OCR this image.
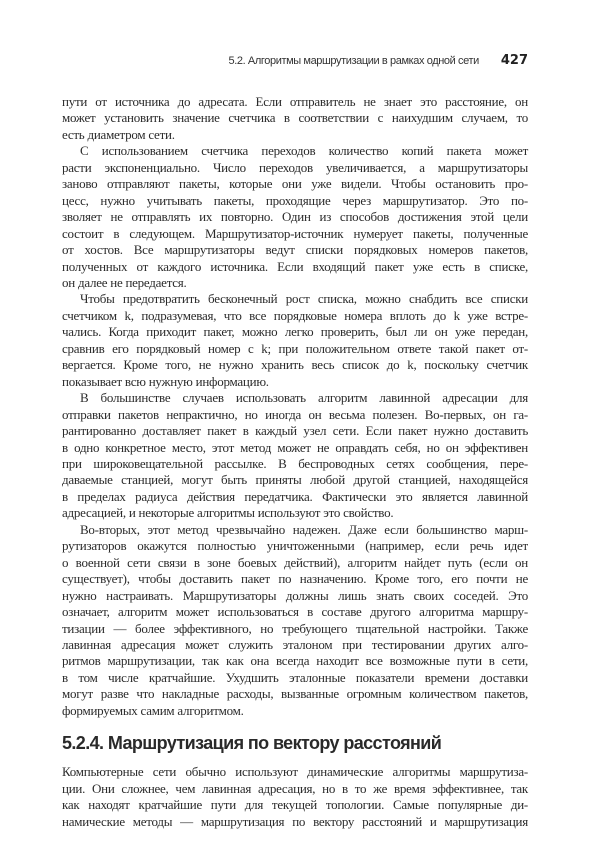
5.2. Алгоритмы маршрутизации в рамках одной сети 427
пути от источника до адресата. Если отправитель не знает это расстояние, он
может установить значение счетчика в соответствии с наихудшим случаем, то
есть диаметром сети.
С использованием счетчика переходов количество копий пакета может
расти экспоненциально. Число переходов увеличивается, а маршрутизаторы
заново отправляют пакеты, которые они уже видели. Чтобы остановить про-
цесс, нужно учитывать пакеты, проходящие через маршрутизатор. Это по-
зволяет не отправлять их повторно. Один из способов достижения этой цели
состоит в следующем. Маршрутизатор-источник нумерует пакеты, полученные
от хостов. Все маршрутизаторы ведут списки порядковых номеров пакетов,
полученных от каждого источника. Если входящий пакет уже есть в списке,
он далее не передается.
Чтобы предотвратить бесконечный рост списка, можно снабдить все списки
счетчиком k, подразумевая, что все порядковые номера вплоть до k уже встре-
чались. Когда приходит пакет, можно легко проверить, был ли он уже передан,
сравнив его порядковый номер с k; при положительном ответе такой пакет от-
вергается. Кроме того, не нужно хранить весь список до k, поскольку счетчик
показывает всю нужную информацию.
В большинстве случаев использовать алгоритм лавинной адресации для
отправки пакетов непрактично, но иногда он весьма полезен. Во-первых, он га-
рантированно доставляет пакет в каждый узел сети. Если пакет нужно доставить
в одно конкретное место, этот метод может не оправдать себя, но он эффективен
при широковещательной рассылке. В беспроводных сетях сообщения, пере-
даваемые станцией, могут быть приняты любой другой станцией, находящейся
в пределах радиуса действия передатчика. Фактически это является лавинной
адресацией, и некоторые алгоритмы используют это свойство.
Во-вторых, этот метод чрезвычайно надежен. Даже если большинство марш-
рутизаторов окажутся полностью уничтоженными (например, если речь идет
о военной сети связи в зоне боевых действий), алгоритм найдет путь (если он
существует), чтобы доставить пакет по назначению. Кроме того, его почти не
нужно настраивать. Маршрутизаторы должны лишь знать своих соседей. Это
означает, алгоритм может использоваться в составе другого алгоритма маршру-
тизации — более эффективного, но требующего тщательной настройки. Также
лавинная адресация может служить эталоном при тестировании других алго-
ритмов маршрутизации, так как она всегда находит все возможные пути в сети,
в том числе кратчайшие. Ухудшить эталонные показатели времени доставки
могут разве что накладные расходы, вызванные огромным количеством пакетов,
формируемых самим алгоритмом.
5.2.4. Маршрутизация по вектору расстояний
Компьютерные сети обычно используют динамические алгоритмы маршрутиза-
ции. Они сложнее, чем лавинная адресация, но в то же время эффективнее, так
как находят кратчайшие пути для текущей топологии. Самые популярные ди-
намические методы — маршрутизация по вектору расстояний и маршрутизация
